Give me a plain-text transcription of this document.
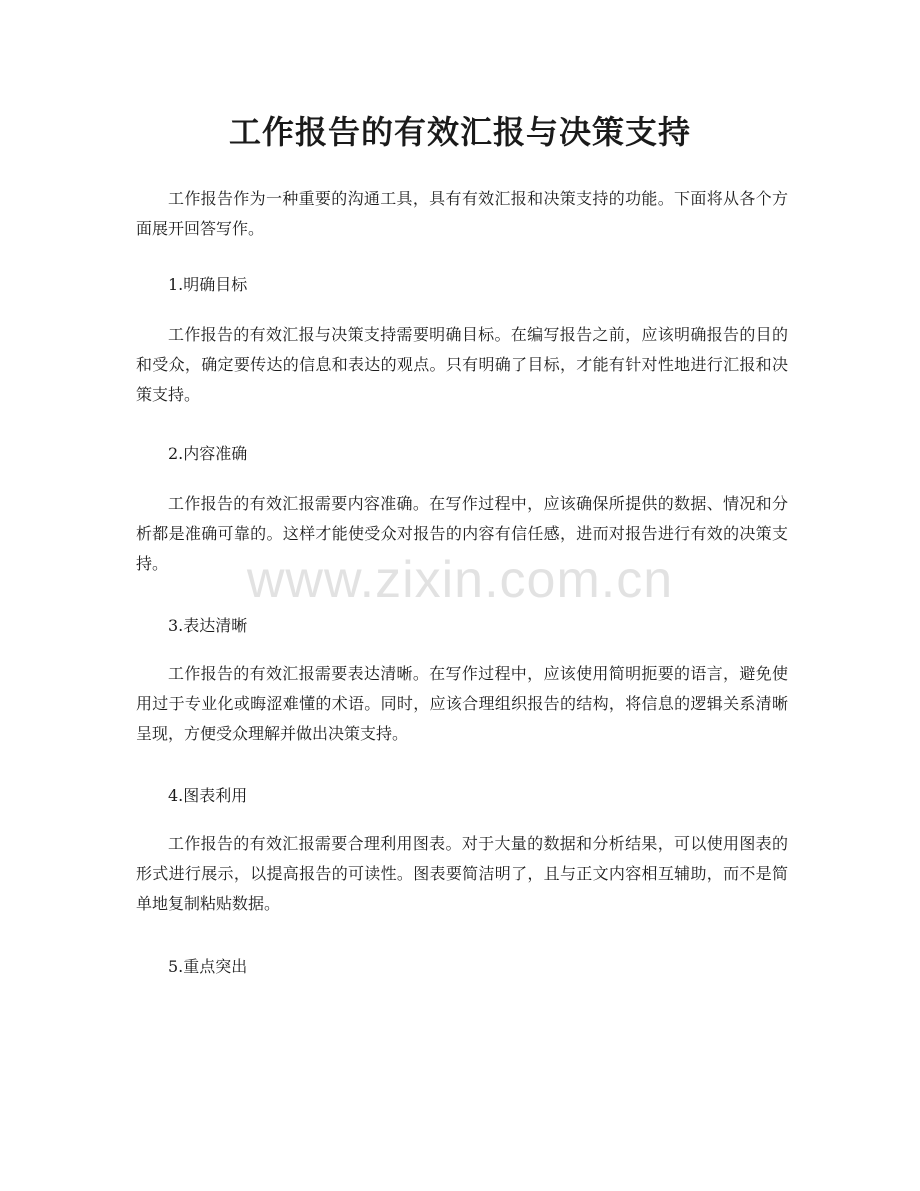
工作报告的有效汇报与决策支持

工作报告作为一种重要的沟通工具，具有有效汇报和决策支持的功能。下面将从各个方面展开回答写作。

1.明确目标

工作报告的有效汇报与决策支持需要明确目标。在编写报告之前，应该明确报告的目的和受众，确定要传达的信息和表达的观点。只有明确了目标，才能有针对性地进行汇报和决策支持。

2.内容准确

工作报告的有效汇报需要内容准确。在写作过程中，应该确保所提供的数据、情况和分析都是准确可靠的。这样才能使受众对报告的内容有信任感，进而对报告进行有效的决策支持。

3.表达清晰

工作报告的有效汇报需要表达清晰。在写作过程中，应该使用简明扼要的语言，避免使用过于专业化或晦涩难懂的术语。同时，应该合理组织报告的结构，将信息的逻辑关系清晰呈现，方便受众理解并做出决策支持。

4.图表利用

工作报告的有效汇报需要合理利用图表。对于大量的数据和分析结果，可以使用图表的形式进行展示，以提高报告的可读性。图表要简洁明了，且与正文内容相互辅助，而不是简单地复制粘贴数据。

5.重点突出

www.zixin.com.cn
